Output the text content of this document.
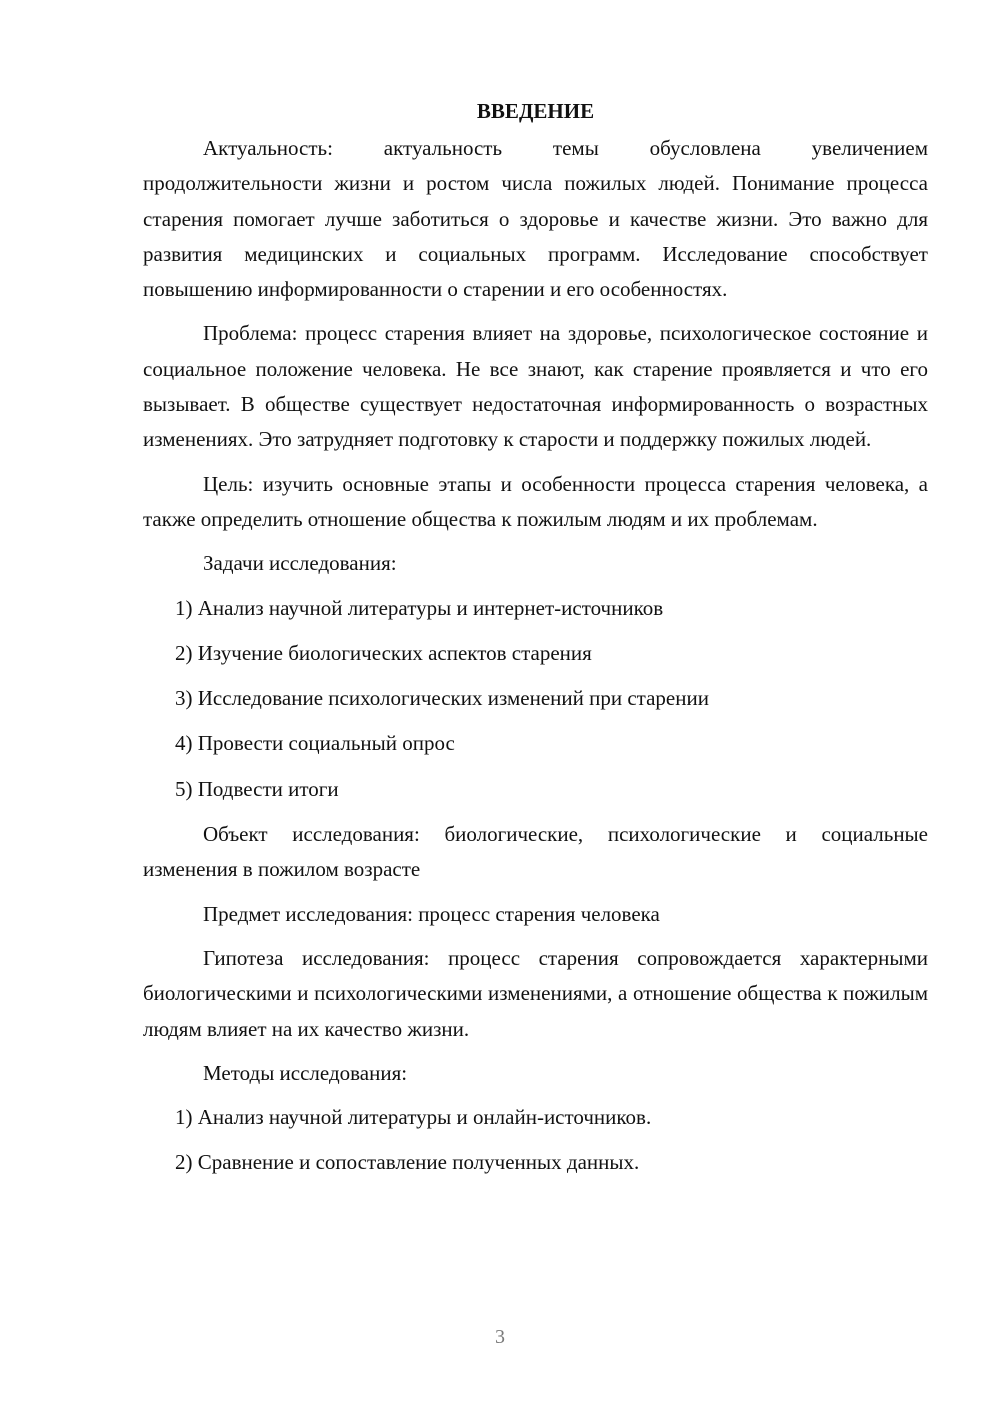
ВВЕДЕНИЕ

Актуальность: актуальность темы обусловлена увеличением продолжительности жизни и ростом числа пожилых людей. Понимание процесса старения помогает лучше заботиться о здоровье и качестве жизни. Это важно для развития медицинских и социальных программ. Исследование способствует повышению информированности о старении и его особенностях.

Проблема: процесс старения влияет на здоровье, психологическое состояние и социальное положение человека. Не все знают, как старение проявляется и что его вызывает. В обществе существует недостаточная информированность о возрастных изменениях. Это затрудняет подготовку к старости и поддержку пожилых людей.

Цель: изучить основные этапы и особенности процесса старения человека, а также определить отношение общества к пожилым людям и их проблемам.

Задачи исследования:

1) Анализ научной литературы и интернет-источников
2) Изучение биологических аспектов старения
3) Исследование психологических изменений при старении
4) Провести социальный опрос
5) Подвести итоги

Объект исследования: биологические, психологические и социальные изменения в пожилом возрасте

Предмет исследования: процесс старения человека

Гипотеза исследования: процесс старения сопровождается характерными биологическими и психологическими изменениями, а отношение общества к пожилым людям влияет на их качество жизни.

Методы исследования:

1) Анализ научной литературы и онлайн-источников.
2) Сравнение и сопоставление полученных данных.
3
